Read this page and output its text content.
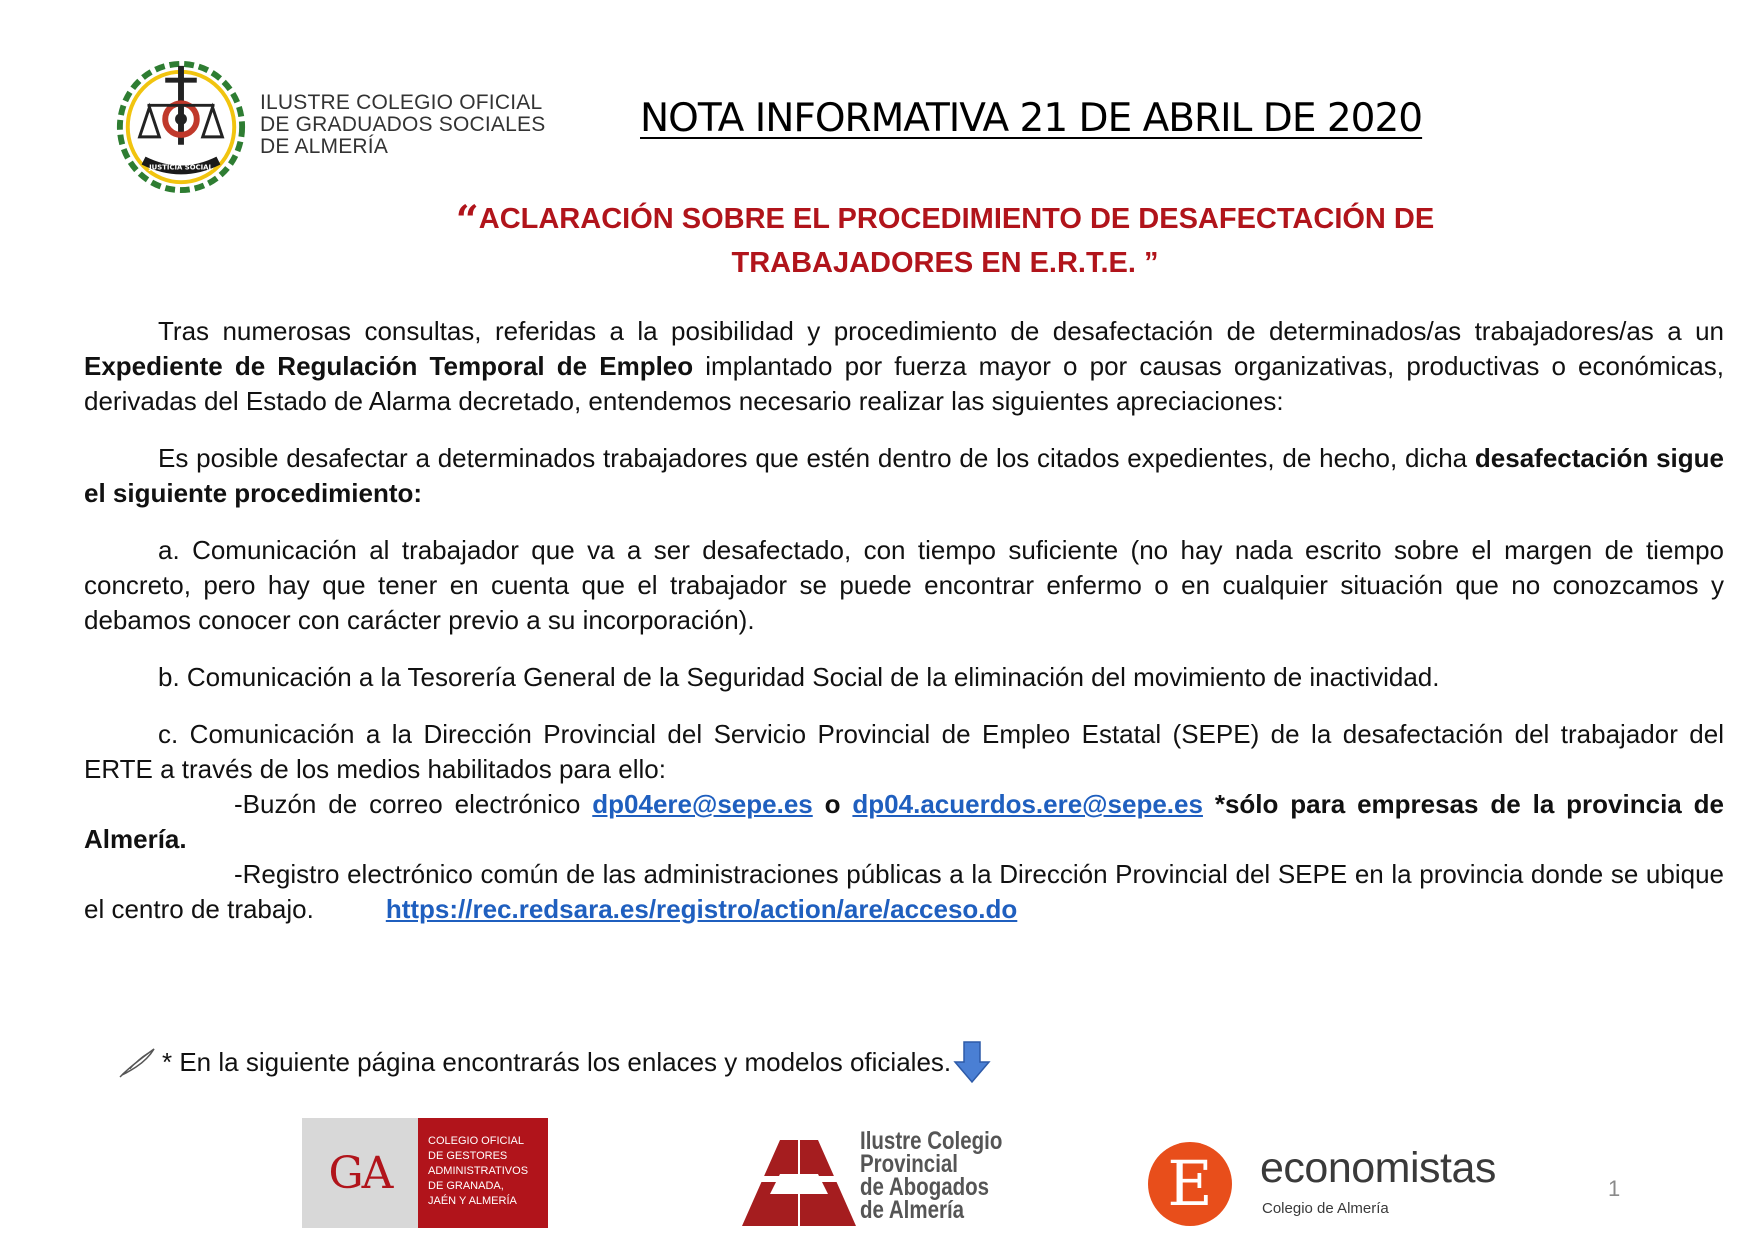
JUSTICIA SOCIAL
ILUSTRE COLEGIO OFICIAL
DE GRADUADOS SOCIALES
DE ALMERÍA
NOTA INFORMATIVA 21 DE ABRIL DE 2020
“ACLARACIÓN SOBRE EL PROCEDIMIENTO DE DESAFECTACIÓN DE
TRABAJADORES EN E.R.T.E. ”

Tras numerosas consultas, referidas a la posibilidad y procedimiento de desafectación de determinados/as trabajadores/as a un Expediente de Regulación Temporal de Empleo implantado por fuerza mayor o por causas organizativas, productivas o económicas, derivadas del Estado de Alarma decretado, entendemos necesario realizar las siguientes apreciaciones:

Es posible desafectar a determinados trabajadores que estén dentro de los citados expedientes, de hecho, dicha desafectación sigue el siguiente procedimiento:

a. Comunicación al trabajador que va a ser desafectado, con tiempo suficiente (no hay nada escrito sobre el margen de tiempo concreto, pero hay que tener en cuenta que el trabajador se puede encontrar enfermo o en cualquier situación que no conozcamos y debamos conocer con carácter previo a su incorporación).

b. Comunicación a la Tesorería General de la Seguridad Social de la eliminación del movimiento de inactividad.

c. Comunicación a la Dirección Provincial del Servicio Provincial de Empleo Estatal (SEPE) de la desafectación del trabajador del ERTE a través de los medios habilitados para ello:

-Buzón de correo electrónico dp04ere@sepe.es o dp04.acuerdos.ere@sepe.es *sólo para empresas de la provincia de Almería.

-Registro electrónico común de las administraciones públicas a la Dirección Provincial del SEPE en la provincia donde se ubique el centro de trabajo.	https://rec.redsara.es/registro/action/are/acceso.do

* En la siguiente página encontrarás los enlaces y modelos oficiales.
GA
COLEGIO OFICIAL
DE GESTORES
ADMINISTRATIVOS
DE GRANADA,
JAÉN Y ALMERÍA
Ilustre Colegio
Provincial
de Abogados
de Almería	E	economistas
Colegio de Almería
1
